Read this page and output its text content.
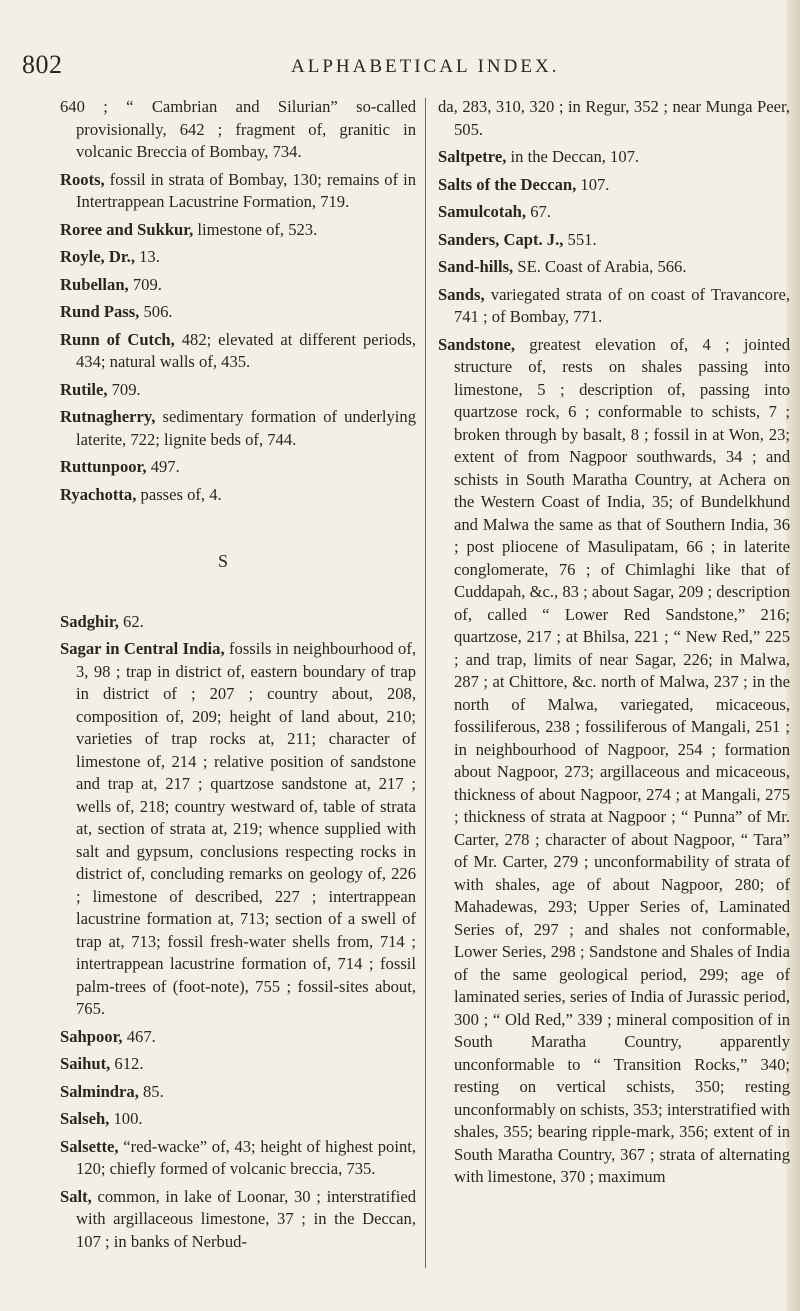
802	ALPHABETICAL INDEX.

640 ; “ Cambrian and Silurian” so-called provisionally, 642 ; fragment of, granitic in volcanic Breccia of Bombay, 734.

Roots, fossil in strata of Bombay, 130; remains of in Intertrappean Lacustrine Formation, 719.

Roree and Sukkur, limestone of, 523.

Royle, Dr., 13.

Rubellan, 709.

Rund Pass, 506.

Runn of Cutch, 482; elevated at different periods, 434; natural walls of, 435.

Rutile, 709.

Rutnagherry, sedimentary formation of underlying laterite, 722; lignite beds of, 744.

Ruttunpoor, 497.

Ryachotta, passes of, 4.

S

Sadghir, 62.

Sagar in Central India, fossils in neighbourhood of, 3, 98 ; trap in district of, eastern boundary of trap in district of ; 207 ; country about, 208, composition of, 209; height of land about, 210; varieties of trap rocks at, 211; character of limestone of, 214 ; relative position of sandstone and trap at, 217 ; quartzose sandstone at, 217 ; wells of, 218; country westward of, table of strata at, section of strata at, 219; whence supplied with salt and gypsum, conclusions respecting rocks in district of, concluding remarks on geology of, 226 ; limestone of described, 227 ; intertrappean lacustrine formation at, 713; section of a swell of trap at, 713; fossil fresh-water shells from, 714 ; intertrappean lacustrine formation of, 714 ; fossil palm-trees of (foot-note), 755 ; fossil-sites about, 765.

Sahpoor, 467.

Saihut, 612.

Salmindra, 85.

Salseh, 100.

Salsette, “red-wacke” of, 43; height of highest point, 120; chiefly formed of volcanic breccia, 735.

Salt, common, in lake of Loonar, 30 ; interstratified with argillaceous limestone, 37 ; in the Deccan, 107 ; in banks of Nerbud-

da, 283, 310, 320 ; in Regur, 352 ; near Munga Peer, 505.

Saltpetre, in the Deccan, 107.

Salts of the Deccan, 107.

Samulcotah, 67.

Sanders, Capt. J., 551.

Sand-hills, SE. Coast of Arabia, 566.

Sands, variegated strata of on coast of Travancore, 741 ; of Bombay, 771.

Sandstone, greatest elevation of, 4 ; jointed structure of, rests on shales passing into limestone, 5 ; description of, passing into quartzose rock, 6 ; conformable to schists, 7 ; broken through by basalt, 8 ; fossil in at Won, 23; extent of from Nagpoor southwards, 34 ; and schists in South Maratha Country, at Achera on the Western Coast of India, 35; of Bundelkhund and Malwa the same as that of Southern India, 36 ; post pliocene of Masulipatam, 66 ; in laterite conglomerate, 76 ; of Chimlaghi like that of Cuddapah, &c., 83 ; about Sagar, 209 ; description of, called “ Lower Red Sandstone,” 216; quartzose, 217 ; at Bhilsa, 221 ; “ New Red,” 225 ; and trap, limits of near Sagar, 226; in Malwa, 287 ; at Chittore, &c. north of Malwa, 237 ; in the north of Malwa, variegated, micaceous, fossiliferous, 238 ; fossiliferous of Mangali, 251 ; in neighbourhood of Nagpoor, 254 ; formation about Nagpoor, 273; argillaceous and micaceous, thickness of about Nagpoor, 274 ; at Mangali, 275 ; thickness of strata at Nagpoor ; “ Punna” of Mr. Carter, 278 ; character of about Nagpoor, “ Tara” of Mr. Carter, 279 ; unconformability of strata of with shales, age of about Nagpoor, 280; of Mahadewas, 293; Upper Series of, Laminated Series of, 297 ; and shales not conformable, Lower Series, 298 ; Sandstone and Shales of India of the same geological period, 299; age of laminated series, series of India of Jurassic period, 300 ; “ Old Red,” 339 ; mineral composition of in South Maratha Country, apparently unconformable to “ Transition Rocks,” 340; resting on vertical schists, 350; resting unconformably on schists, 353; interstratified with shales, 355; bearing ripple-mark, 356; extent of in South Maratha Country, 367 ; strata of alternating with limestone, 370 ; maximum
